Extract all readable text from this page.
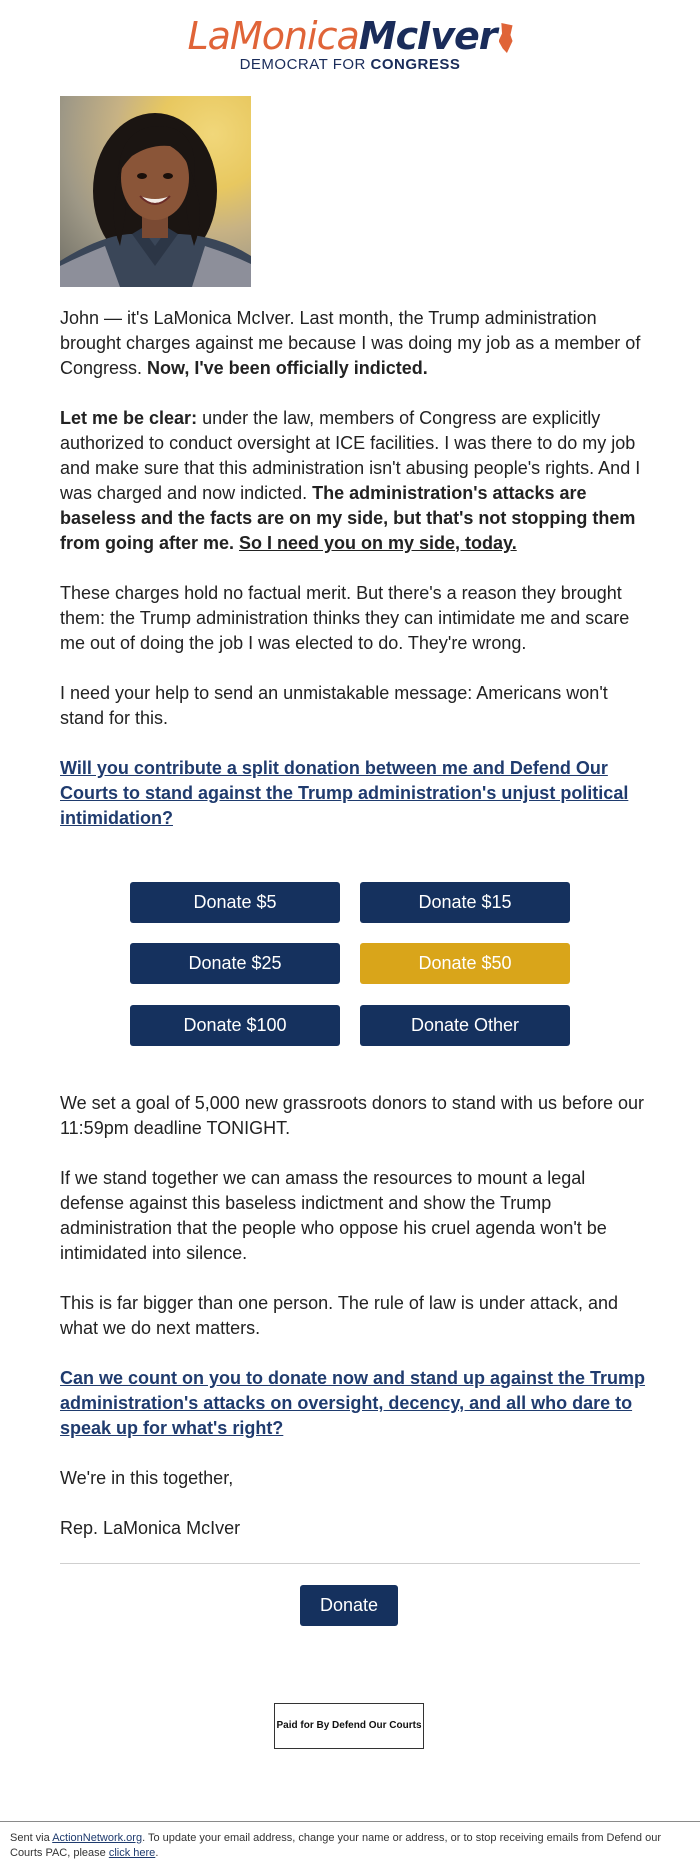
LaMonicaMcIver
DEMOCRAT FOR CONGRESS

John — it's LaMonica McIver. Last month, the Trump administration brought charges against me because I was doing my job as a member of Congress. Now, I've been officially indicted.

Let me be clear: under the law, members of Congress are explicitly authorized to conduct oversight at ICE facilities. I was there to do my job and make sure that this administration isn't abusing people's rights. And I was charged and now indicted. The administration's attacks are baseless and the facts are on my side, but that's not stopping them from going after me. So I need you on my side, today.

These charges hold no factual merit. But there's a reason they brought them: the Trump administration thinks they can intimidate me and scare me out of doing the job I was elected to do. They're wrong.

I need your help to send an unmistakable message: Americans won't stand for this.

Will you contribute a split donation between me and Defend Our Courts to stand against the Trump administration's unjust political intimidation?

Donate $5	Donate $15
Donate $25	Donate $50
Donate $100	Donate Other

We set a goal of 5,000 new grassroots donors to stand with us before our 11:59pm deadline TONIGHT.

If we stand together we can amass the resources to mount a legal defense against this baseless indictment and show the Trump administration that the people who oppose his cruel agenda won't be intimidated into silence.

This is far bigger than one person. The rule of law is under attack, and what we do next matters.

Can we count on you to donate now and stand up against the Trump administration's attacks on oversight, decency, and all who dare to speak up for what's right?

We're in this together,

Rep. LaMonica McIver

Donate
Paid for By Defend Our Courts
Sent via ActionNetwork.org. To update your email address, change your name or address, or to stop receiving emails from Defend our Courts PAC, please click here.
